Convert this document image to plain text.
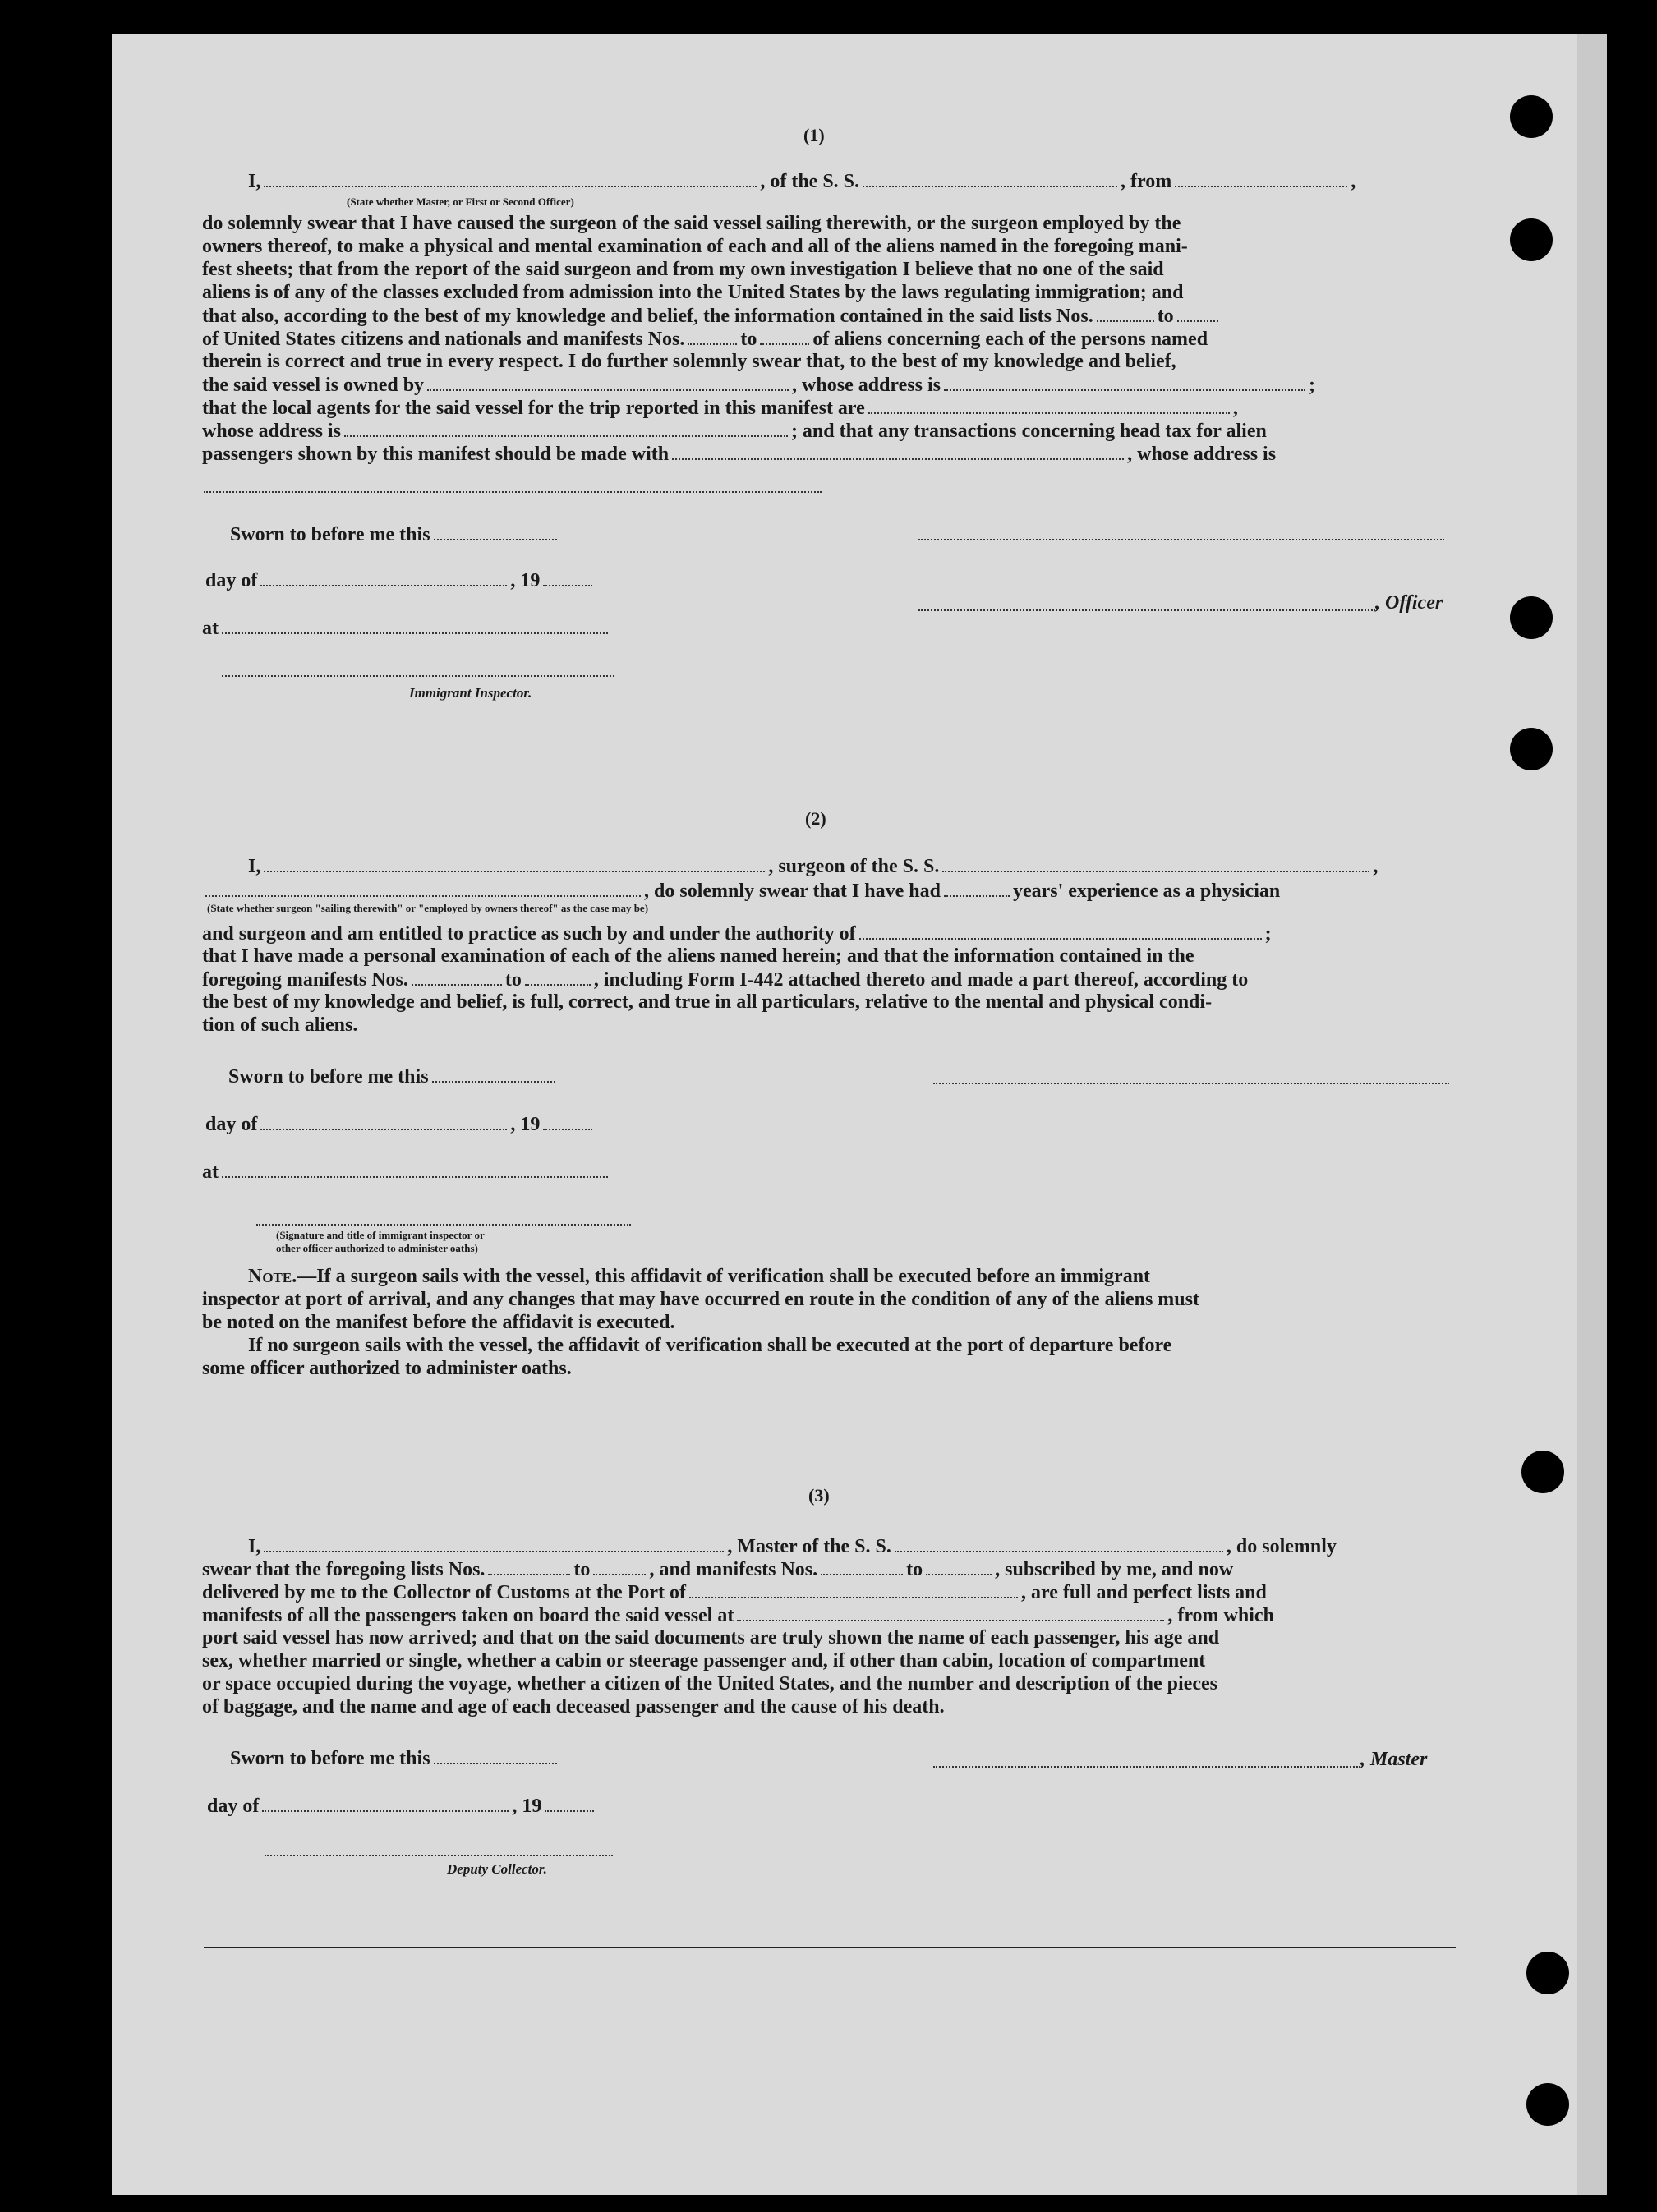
(1)
I,	, of the S. S.	, from	,
(State whether Master, or First or Second Officer)
do solemnly swear that I have caused the surgeon of the said vessel sailing therewith, or the surgeon employed by the
owners thereof, to make a physical and mental examination of each and all of the aliens named in the foregoing mani-
fest sheets; that from the report of the said surgeon and from my own investigation I believe that no one of the said
aliens is of any of the classes excluded from admission into the United States by the laws regulating immigration; and
that also, according to the best of my knowledge and belief, the information contained in the said lists Nos.	to
of United States citizens and nationals and manifests Nos.	to	of aliens concerning each of the persons named
therein is correct and true in every respect. I do further solemnly swear that, to the best of my knowledge and belief,
the said vessel is owned by	, whose address is	;
that the local agents for the said vessel for the trip reported in this manifest are	,
whose address is	; and that any transactions concerning head tax for alien
passengers shown by this manifest should be made with	, whose address is
Sworn to before me this
day of	, 19
, Officer
at
Immigrant Inspector.
(2)
I,	, surgeon of the S. S.	,
, do solemnly swear that I have had	years' experience as a physician
(State whether surgeon "sailing therewith" or "employed by owners thereof" as the case may be)
and surgeon and am entitled to practice as such by and under the authority of	;
that I have made a personal examination of each of the aliens named herein; and that the information contained in the
foregoing manifests Nos.	to	, including Form I-442 attached thereto and made a part thereof, according to
the best of my knowledge and belief, is full, correct, and true in all particulars, relative to the mental and physical condi-
tion of such aliens.
Sworn to before me this
day of	, 19
at
(Signature and title of immigrant inspector or
other officer authorized to administer oaths)
Note.—If a surgeon sails with the vessel, this affidavit of verification shall be executed before an immigrant
inspector at port of arrival, and any changes that may have occurred en route in the condition of any of the aliens must
be noted on the manifest before the affidavit is executed.
If no surgeon sails with the vessel, the affidavit of verification shall be executed at the port of departure before
some officer authorized to administer oaths.
(3)
I,	, Master of the S. S.	, do solemnly
swear that the foregoing lists Nos.	to	, and manifests Nos.	to	, subscribed by me, and now
delivered by me to the Collector of Customs at the Port of	, are full and perfect lists and
manifests of all the passengers taken on board the said vessel at	, from which
port said vessel has now arrived; and that on the said documents are truly shown the name of each passenger, his age and
sex, whether married or single, whether a cabin or steerage passenger and, if other than cabin, location of compartment
or space occupied during the voyage, whether a citizen of the United States, and the number and description of the pieces
of baggage, and the name and age of each deceased passenger and the cause of his death.
Sworn to before me this	, Master
day of	, 19
Deputy Collector.
